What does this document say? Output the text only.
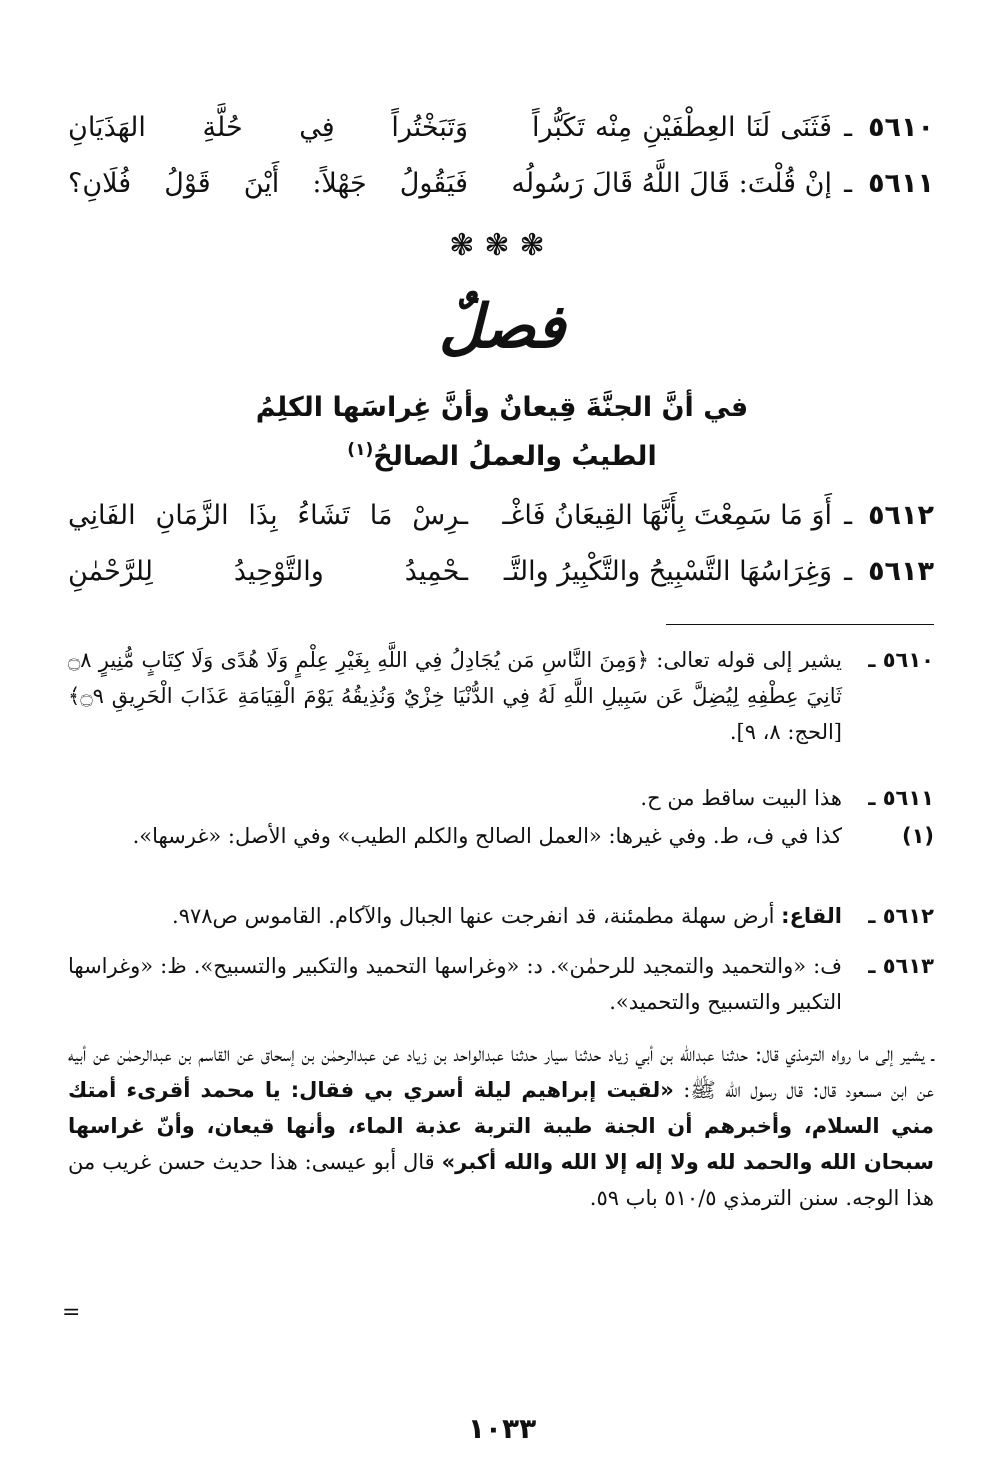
٥٦١٠
ـ
فَثَنَى لَنَا العِطْفَيْنِ مِنْه تَكَبُّراً
وَتَبَخْتُراً فِي حُلَّةِ الهَذَيَانِ
٥٦١١
ـ
إنْ قُلْتَ: قَالَ اللَّهُ قَالَ رَسُولُه
فَيَقُولُ جَهْلاً: أَيْنَ قَوْلُ فُلَانِ؟
❃❃❃
فصلٌ
في أنَّ الجنَّةَ قِيعانٌ وأنَّ غِراسَها الكلِمُ
الطيبُ والعملُ الصالحُ$^{(١)}$
٥٦١٢
ـ
أَوَ مَا سَمِعْتَ بِأَنَّهَا القِيعَانُ فَاغْـ
ـرِسْ مَا تَشَاءُ بِذَا الزَّمَانِ الفَانِي
٥٦١٣
ـ
وَغِرَاسُهَا التَّسْبِيحُ والتَّكْبِيرُ والتَّـ
ـحْمِيدُ والتَّوْحِيدُ لِلرَّحْمٰنِ
٥٦١٠ ـ
يشير إلى قوله تعالى: ﴿وَمِنَ النَّاسِ مَن يُجَادِلُ فِي اللَّهِ بِغَيْرِ عِلْمٍ وَلَا هُدًى وَلَا كِتَابٍ مُّنِيرٍ ۝٨ ثَانِيَ عِطْفِهِ لِيُضِلَّ عَن سَبِيلِ اللَّهِ لَهُ فِي الدُّنْيَا خِزْيٌ وَنُذِيقُهُ يَوْمَ الْقِيَامَةِ عَذَابَ الْحَرِيقِ ۝٩﴾ [الحج: ٨، ٩].
٥٦١١ ـ
هذا البيت ساقط من ح.
(١)
كذا في ف، ط. وفي غيرها: «العمل الصالح والكلم الطيب» وفي الأصل: «غرسها».
٥٦١٢ ـ
القاع: أرض سهلة مطمئنة، قد انفرجت عنها الجبال والآكام. القاموس ص٩٧٨.
٥٦١٣ ـ
ف: «والتحميد والتمجيد للرحمٰن». د: «وغراسها التحميد والتكبير والتسبيح». ظ: «وغراسها التكبير والتسبيح والتحميد».
ـ يشير إلى ما رواه الترمذي قال: حدثنا عبدالله بن أبي زياد حدثنا سيار حدثنا عبدالواحد بن زياد عن عبدالرحمٰن بن إسحاق عن القاسم بن عبدالرحمٰن عن أبيه عن ابن مسعود قال: قال رسول الله ﷺ: «لقيت إبراهيم ليلة أسري بي فقال: يا محمد أقرىء أمتك مني السلام، وأخبرهم أن الجنة طيبة التربة عذبة الماء، وأنها قيعان، وأنّ غراسها سبحان الله والحمد لله ولا إله إلا الله والله أكبر» قال أبو عيسى: هذا حديث حسن غريب من هذا الوجه. سنن الترمذي ٥١٠/٥ باب ٥٩.
=
١٠٣٣
